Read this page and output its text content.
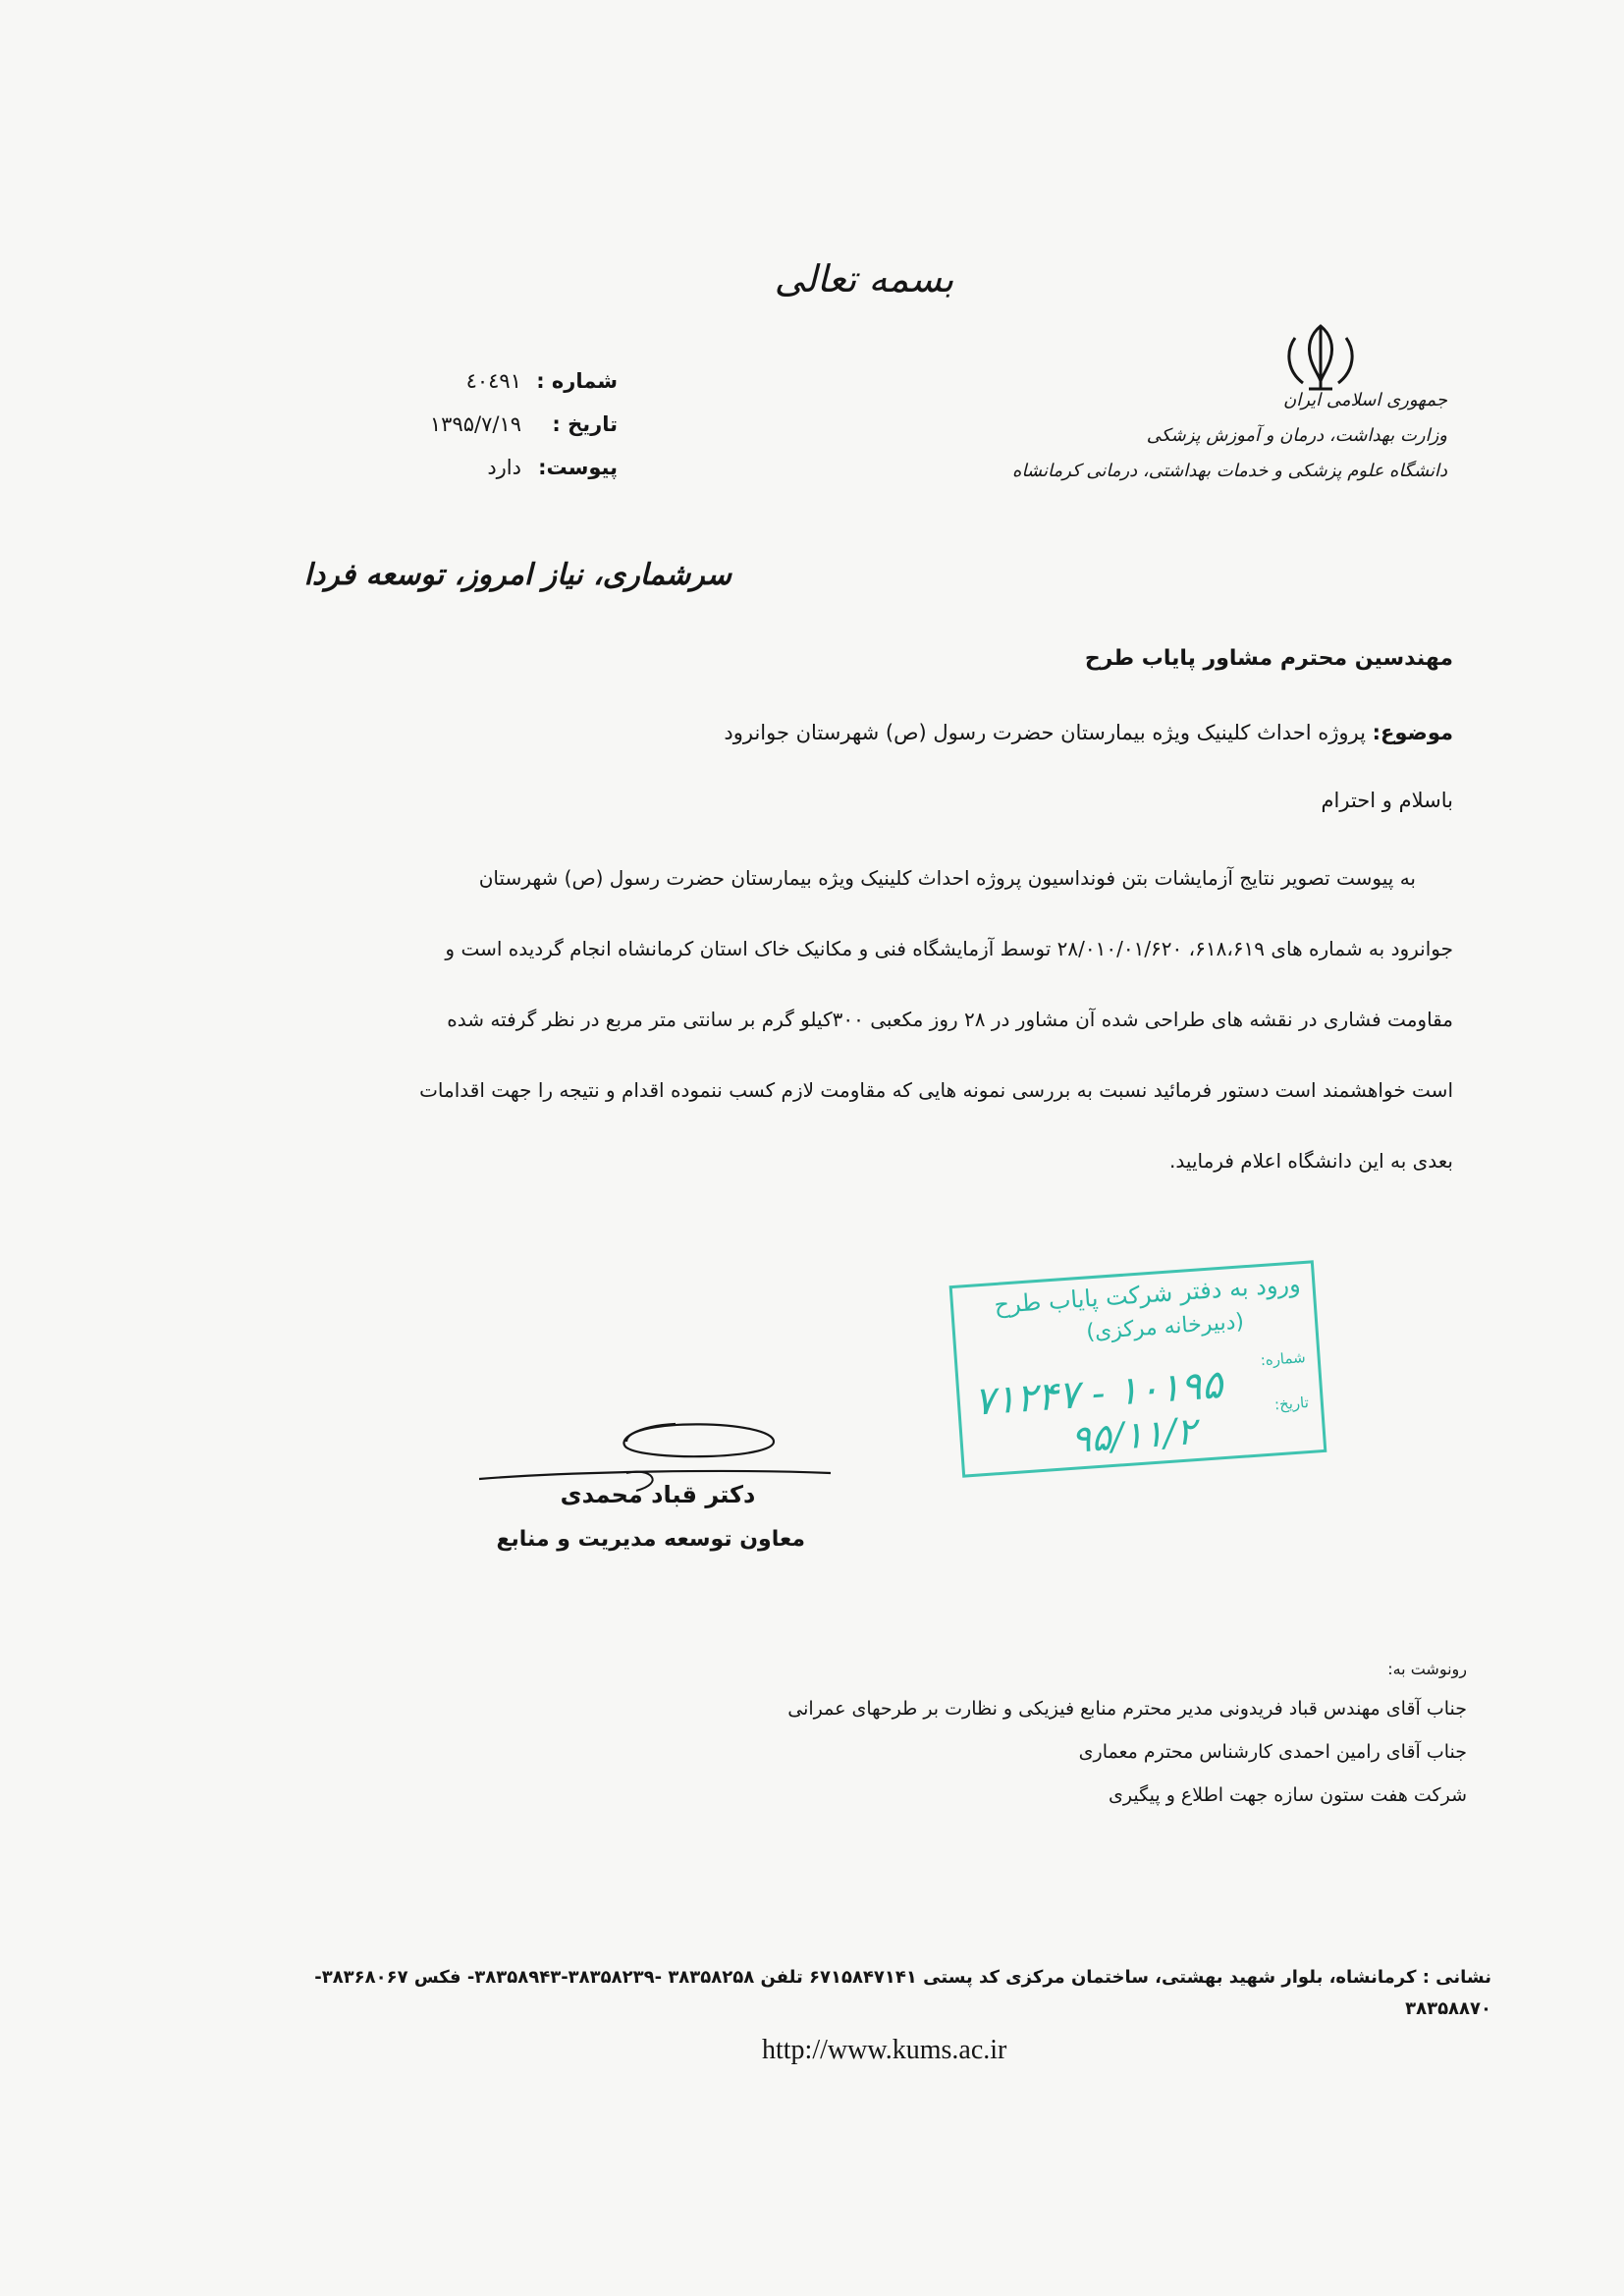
بسمه تعالی
جمهوری اسلامی ایران
وزارت بهداشت، درمان و آموزش پزشکی
دانشگاه علوم پزشکی و خدمات بهداشتی، درمانی کرمانشاه
شماره :
٤٠٤٩١
تاریخ :
۱۳۹۵/۷/۱۹
پیوست:
دارد
سرشماری، نیاز امروز، توسعه فردا
مهندسین محترم مشاور پایاب طرح
موضوع: پروژه احداث کلینیک ویژه بیمارستان حضرت رسول (ص) شهرستان جوانرود
باسلام و احترام
به پیوست تصویر نتایج آزمایشات بتن فونداسیون پروژه احداث کلینیک ویژه بیمارستان حضرت رسول (ص) شهرستان
جوانرود به شماره های ۶۱۸،۶۱۹، ۲۸/۰۱۰/۰۱/۶۲۰ توسط آزمایشگاه فنی و مکانیک خاک استان کرمانشاه انجام گردیده است و
مقاومت فشاری در نقشه های طراحی شده آن مشاور در ۲۸ روز مکعبی ۳۰۰کیلو گرم بر سانتی متر مربع در نظر گرفته شده
است خواهشمند است دستور فرمائید نسبت به بررسی نمونه هایی که مقاومت لازم کسب ننموده اقدام و نتیجه را جهت اقدامات
بعدی به این دانشگاه اعلام فرمایید.
ورود به دفتر شرکت پایاب طرح
(دبیرخانه مرکزی)
شماره:
تاریخ:
۱۰۱۹۵ - ۷۱۲۴۷
۹۵/۱۱/۲
دکتر قباد محمدی
معاون توسعه مدیریت و منابع
رونوشت به:
جناب آقای مهندس قباد فریدونی مدیر محترم منابع فیزیکی و نظارت بر طرحهای عمرانی
جناب آقای رامین احمدی کارشناس محترم معماری
شرکت هفت ستون سازه جهت اطلاع و پیگیری
نشانی : کرمانشاه، بلوار شهید بهشتی، ساختمان مرکزی کد پستی ۶۷۱۵۸۴۷۱۴۱ تلفن ۳۸۳۵۸۲۵۸ -۳۸۳۵۸۲۳۹-۳۸۳۵۸۹۴۳- فکس ۳۸۳۶۸۰۶۷-
۳۸۳۵۸۸۷۰
http://www.kums.ac.ir
